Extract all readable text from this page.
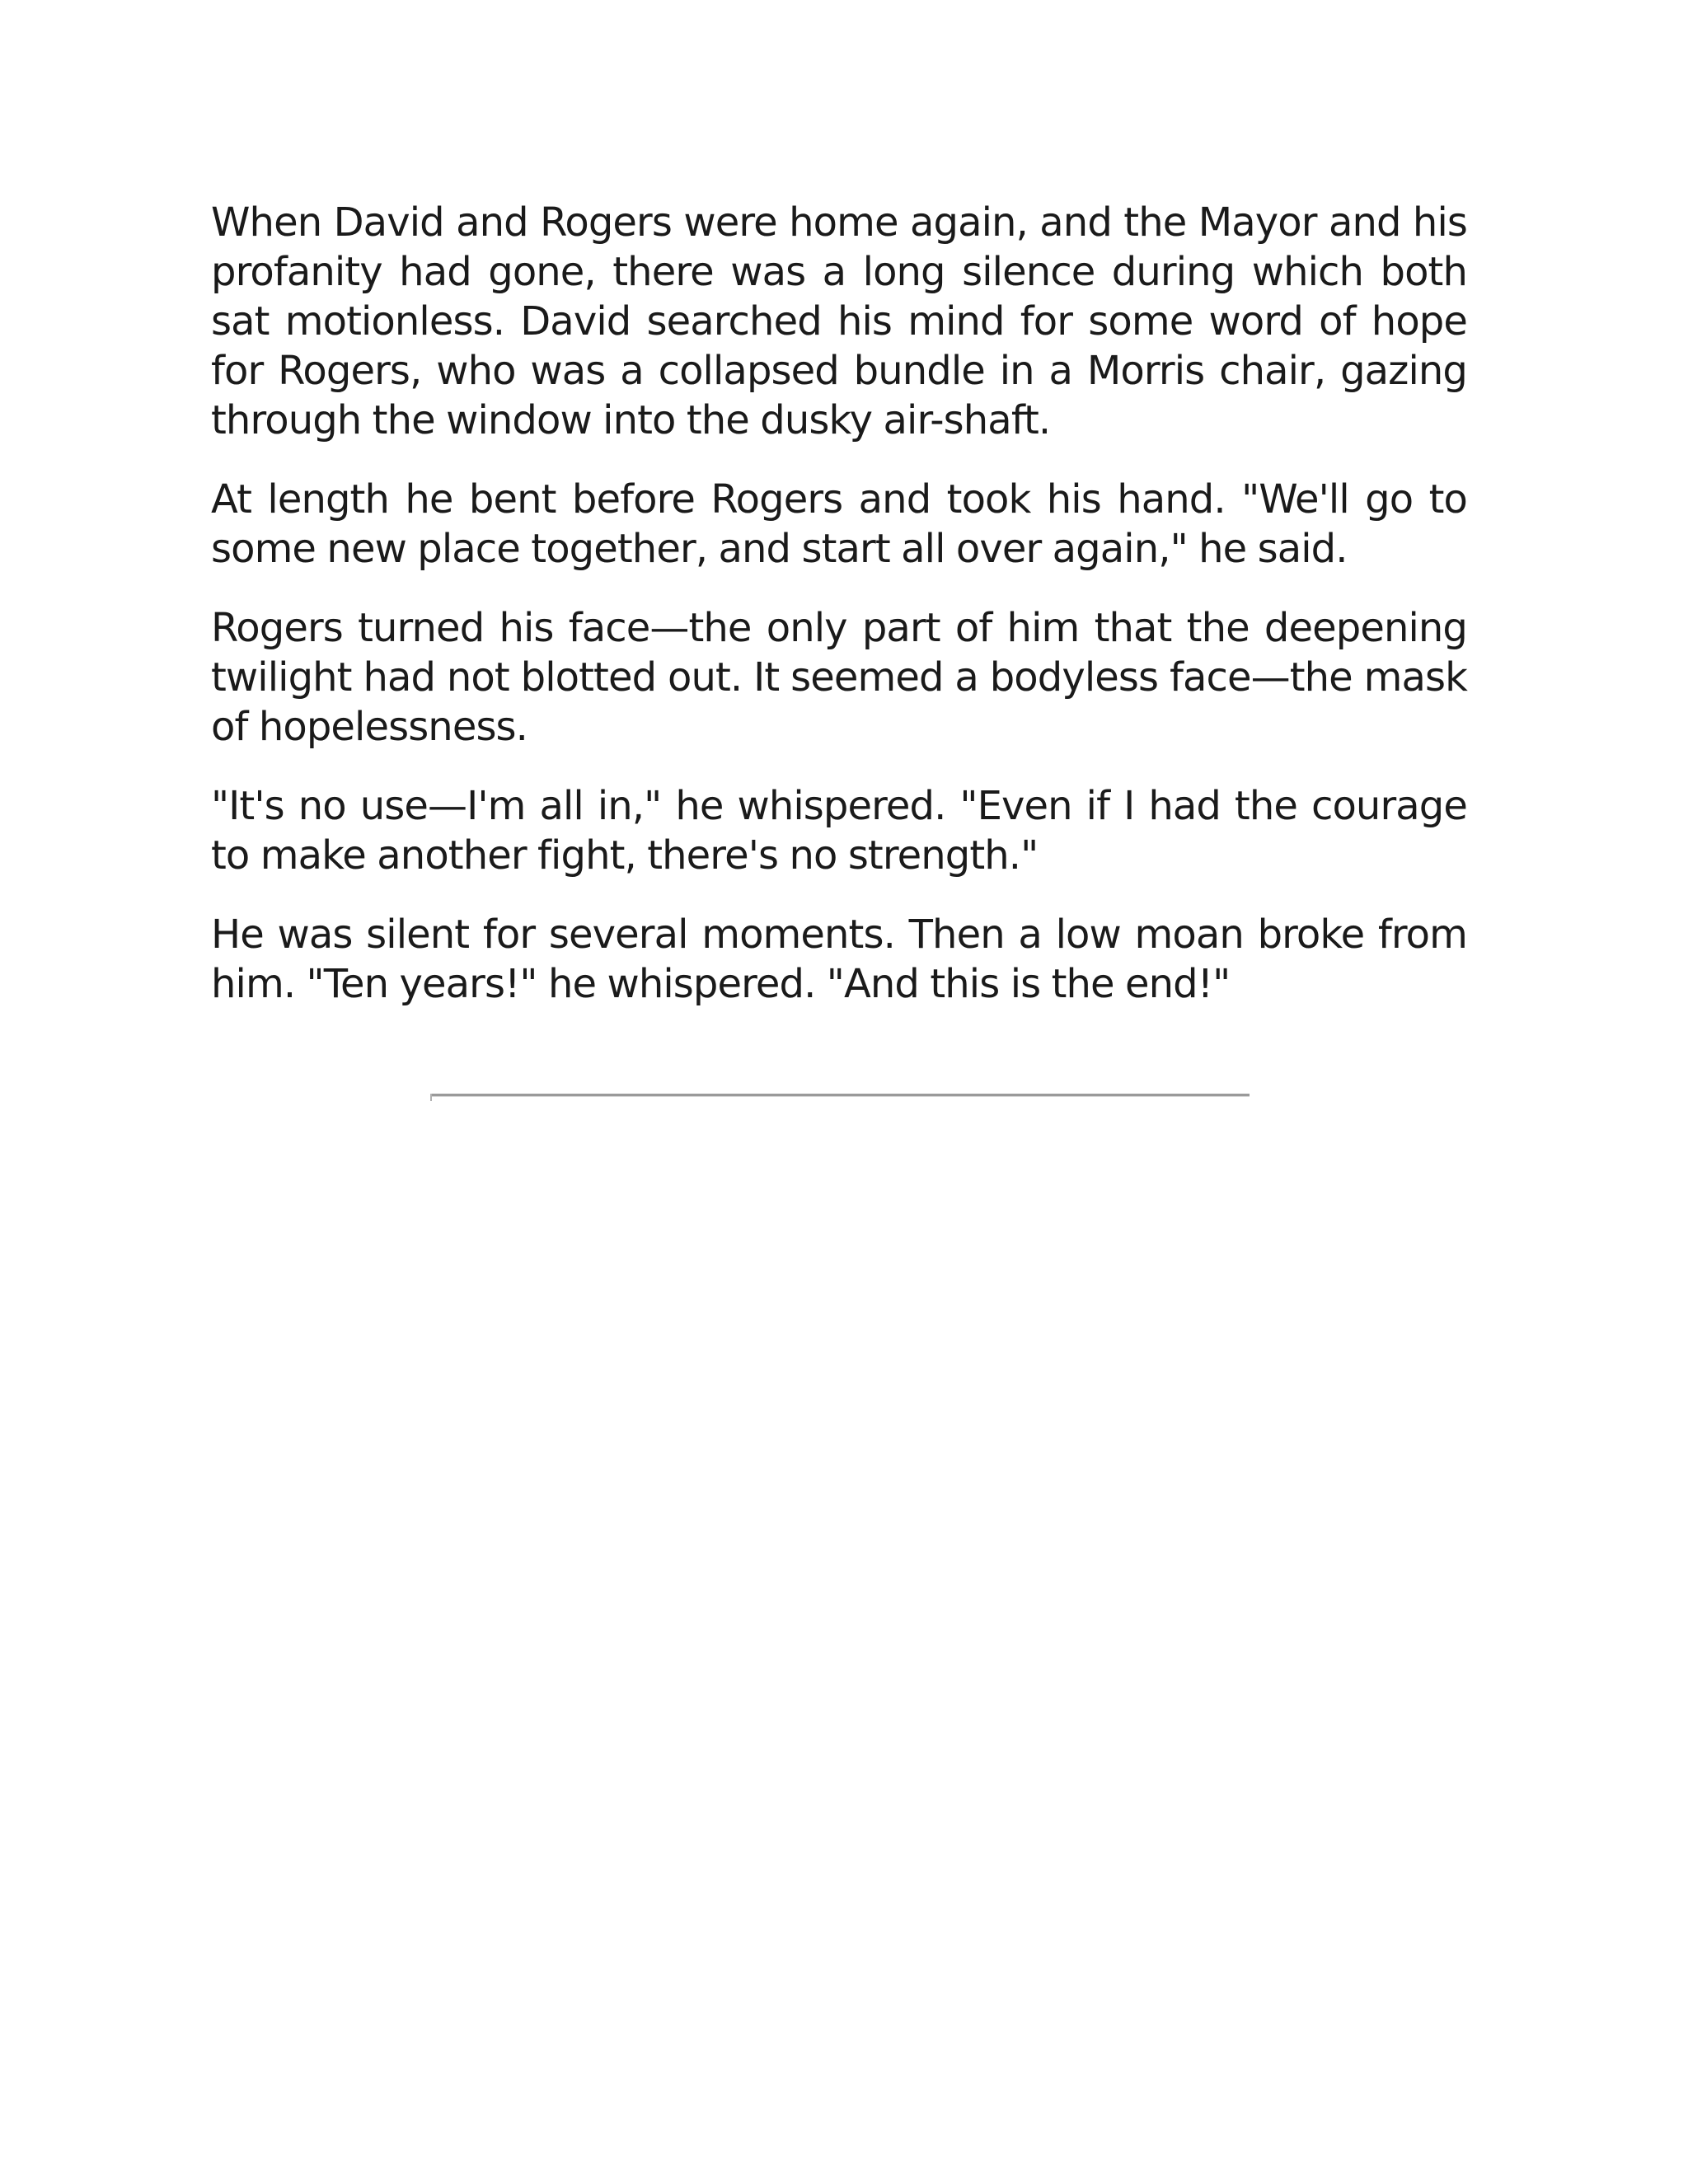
When David and Rogers were home again, and the Mayor and his profanity had gone, there was a long silence during which both sat motionless. David searched his mind for some word of hope for Rogers, who was a collapsed bundle in a Morris chair, gazing through the window into the dusky air-shaft.

At length he bent before Rogers and took his hand. "We'll go to some new place together, and start all over again," he said.

Rogers turned his face—the only part of him that the deepening twilight had not blotted out. It seemed a bodyless face—the mask of hopelessness.

"It's no use—I'm all in," he whispered. "Even if I had the courage to make another fight, there's no strength."

He was silent for several moments. Then a low moan broke from him. "Ten years!" he whispered. "And this is the end!"
